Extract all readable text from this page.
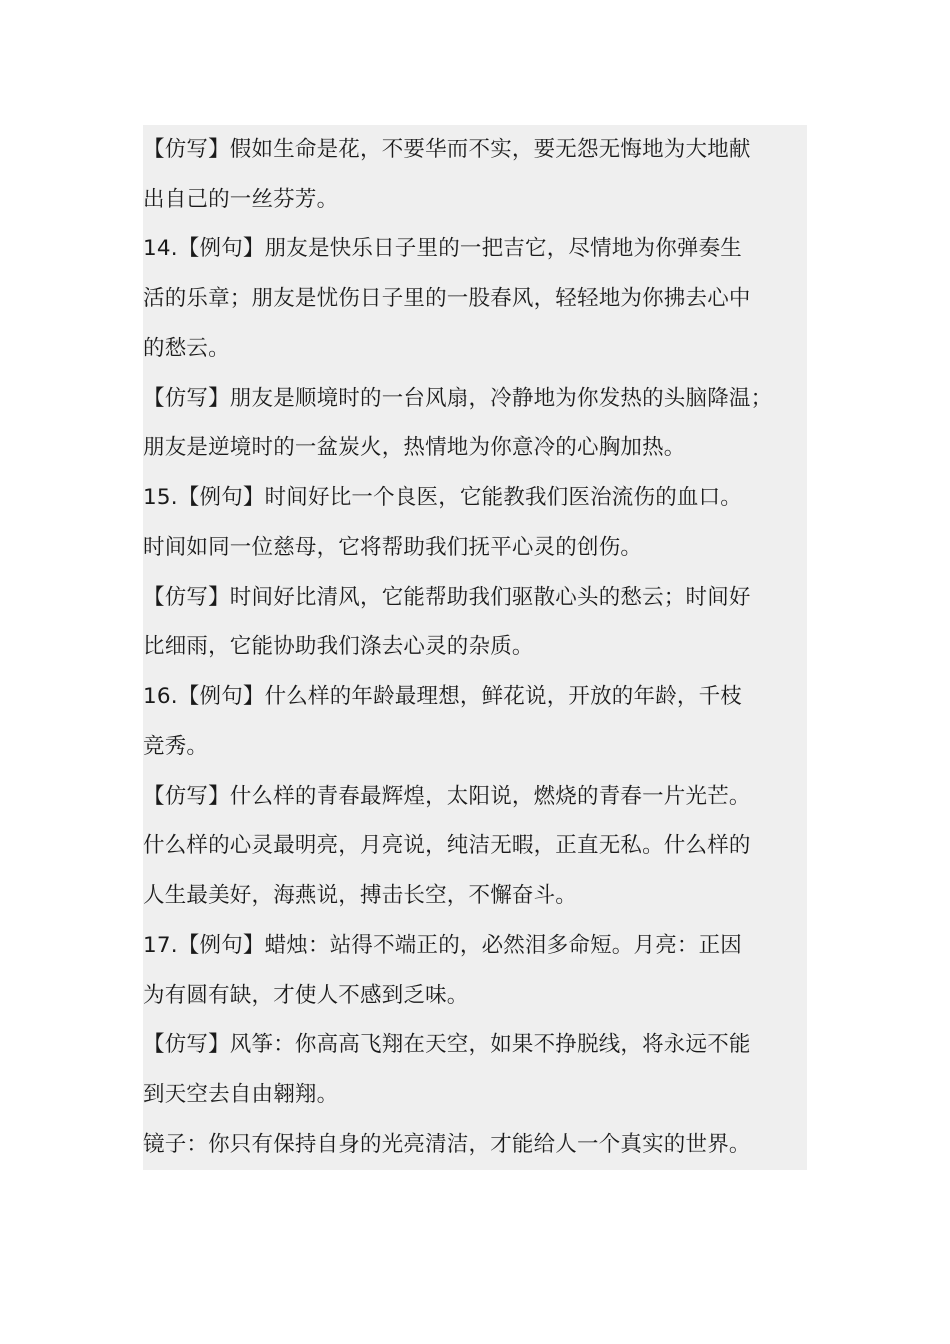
【仿写】假如生命是花，不要华而不实，要无怨无悔地为大地献
出自己的一丝芬芳。
14.【例句】朋友是快乐日子里的一把吉它，尽情地为你弹奏生
活的乐章；朋友是忧伤日子里的一股春风，轻轻地为你拂去心中
的愁云。
【仿写】朋友是顺境时的一台风扇，冷静地为你发热的头脑降温；
朋友是逆境时的一盆炭火，热情地为你意冷的心胸加热。
15.【例句】时间好比一个良医，它能教我们医治流伤的血口。
时间如同一位慈母，它将帮助我们抚平心灵的创伤。
【仿写】时间好比清风，它能帮助我们驱散心头的愁云；时间好
比细雨，它能协助我们涤去心灵的杂质。
16.【例句】什么样的年龄最理想，鲜花说，开放的年龄，千枝
竞秀。
【仿写】什么样的青春最辉煌，太阳说，燃烧的青春一片光芒。
什么样的心灵最明亮，月亮说，纯洁无暇，正直无私。什么样的
人生最美好，海燕说，搏击长空，不懈奋斗。
17.【例句】蜡烛：站得不端正的，必然泪多命短。月亮：正因
为有圆有缺，才使人不感到乏味。
【仿写】风筝：你高高飞翔在天空，如果不挣脱线，将永远不能
到天空去自由翱翔。
镜子：你只有保持自身的光亮清洁，才能给人一个真实的世界。
